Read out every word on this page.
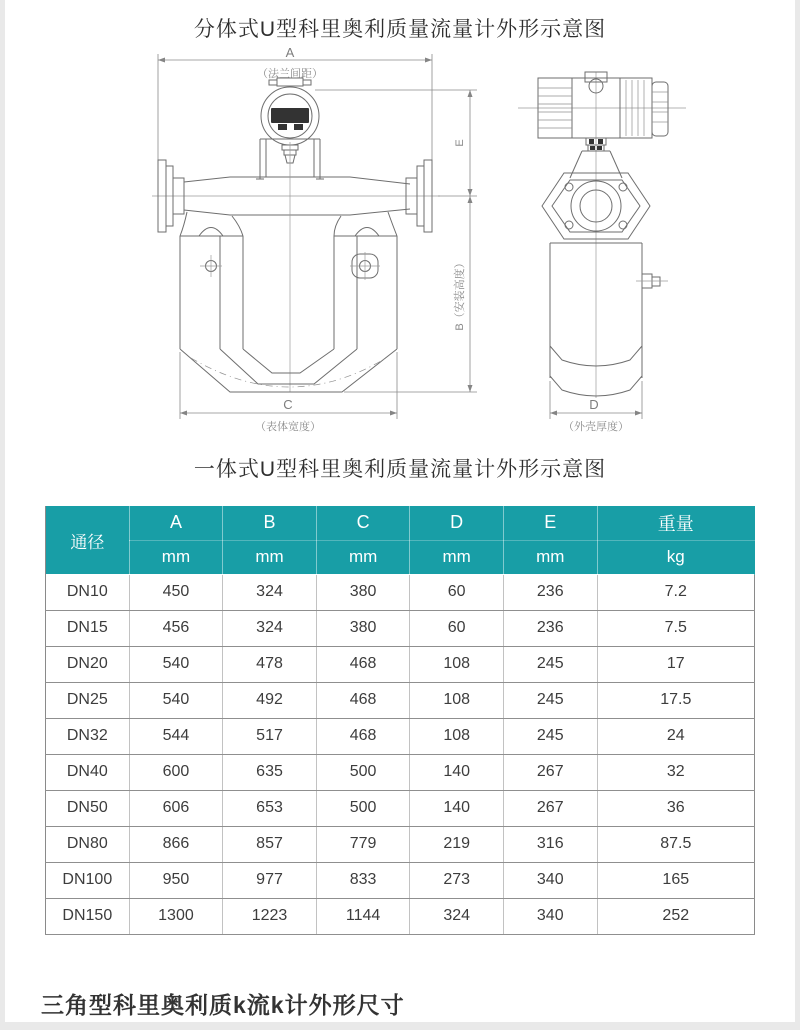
分体式U型科里奥利质量流量计外形示意图
A
（法兰间距）
C
（表体宽度）
E
B（安装高度）
D
（外壳厚度）
一体式U型科里奥利质量流量计外形示意图
通径	A	B	C	D	E	重量
	mm	mm	mm	mm	mm	kg
DN10	450	324	380	60	236	7.2
DN15	456	324	380	60	236	7.5
DN20	540	478	468	108	245	17
DN25	540	492	468	108	245	17.5
DN32	544	517	468	108	245	24
DN40	600	635	500	140	267	32
DN50	606	653	500	140	267	36
DN80	866	857	779	219	316	87.5
DN100	950	977	833	273	340	165
DN150	1300	1223	1144	324	340	252
三角型科里奥利质k流k计外形尺寸
